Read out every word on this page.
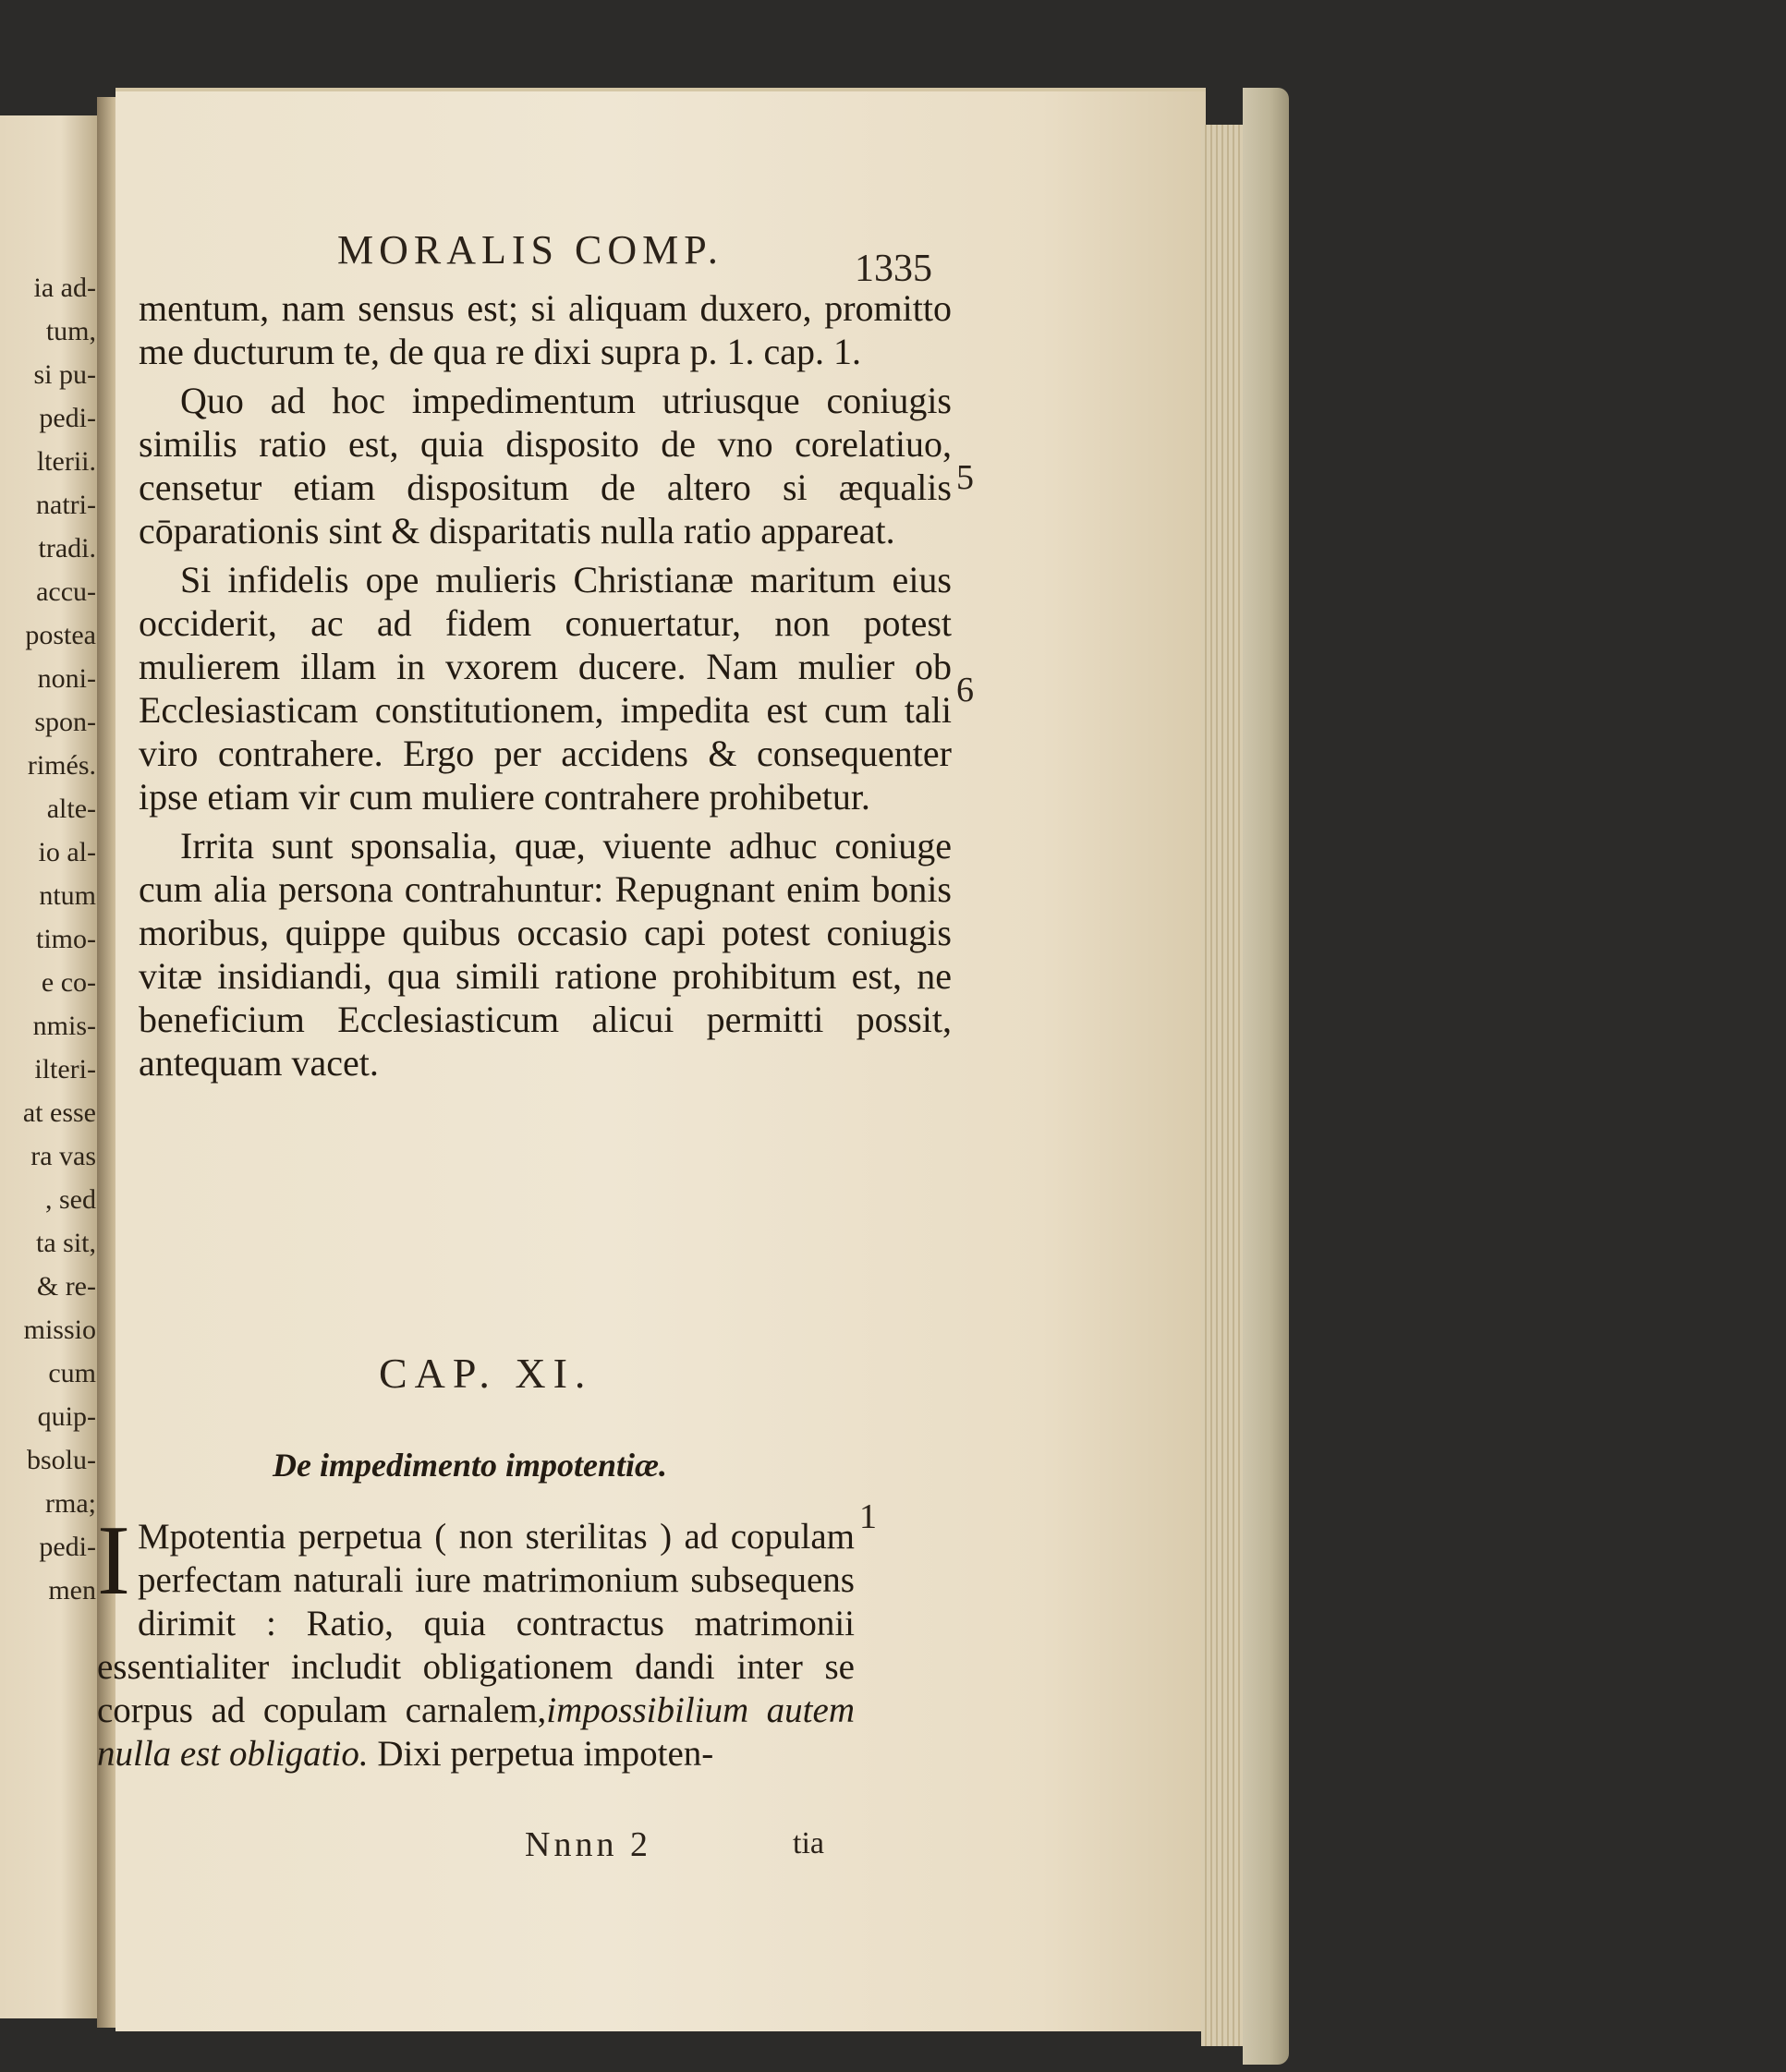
ia ad-
tum,
si pu-
pedi-
lterii.
natri-
tradi.
accu-
postea
noni-
spon-
rimés.
alte-
io al-
ntum
timo-
e co-
nmis-
ilteri-
at esse
ra vas
, sed
ta sit,
& re-
missio
cum
quip-
bsolu-
rma;
pedi-
men
MORALIS COMP.	1335

mentum, nam sensus est; si aliquam duxero, promitto me ducturum te, de qua re dixi supra p. 1. cap. 1.

Quo ad hoc impedimentum utriusque coniugis similis ratio est, quia disposito de vno corelatiuo, censetur etiam dispositum de altero si æqualis cōparationis sint & disparitatis nulla ratio appareat.

Si infidelis ope mulieris Christianæ maritum eius occiderit, ac ad fidem conuertatur, non potest mulierem illam in vxorem ducere. Nam mulier ob Ecclesiasticam constitutionem, impedita est cum tali viro contrahere. Ergo per accidens & consequenter ipse etiam vir cum muliere contrahere prohibetur.

Irrita sunt sponsalia, quæ, viuente adhuc coniuge cum alia persona contrahuntur: Repugnant enim bonis moribus, quippe quibus occasio capi potest coniugis vitæ insidiandi, qua simili ratione prohibitum est, ne beneficium Ecclesiasticum alicui permitti possit, antequam vacet.

5
6
1
CAP. XI.
De impedimento impotentiæ.
I Mpotentia perpetua ( non sterilitas ) ad copulam perfectam naturali iure matrimonium subsequens dirimit : Ratio, quia contractus matrimonii essentialiter includit obligationem dandi inter se corpus ad copulam carnalem,impossibilium autem nulla est obligatio. Dixi perpetua impoten-
Nnnn 2	tia
